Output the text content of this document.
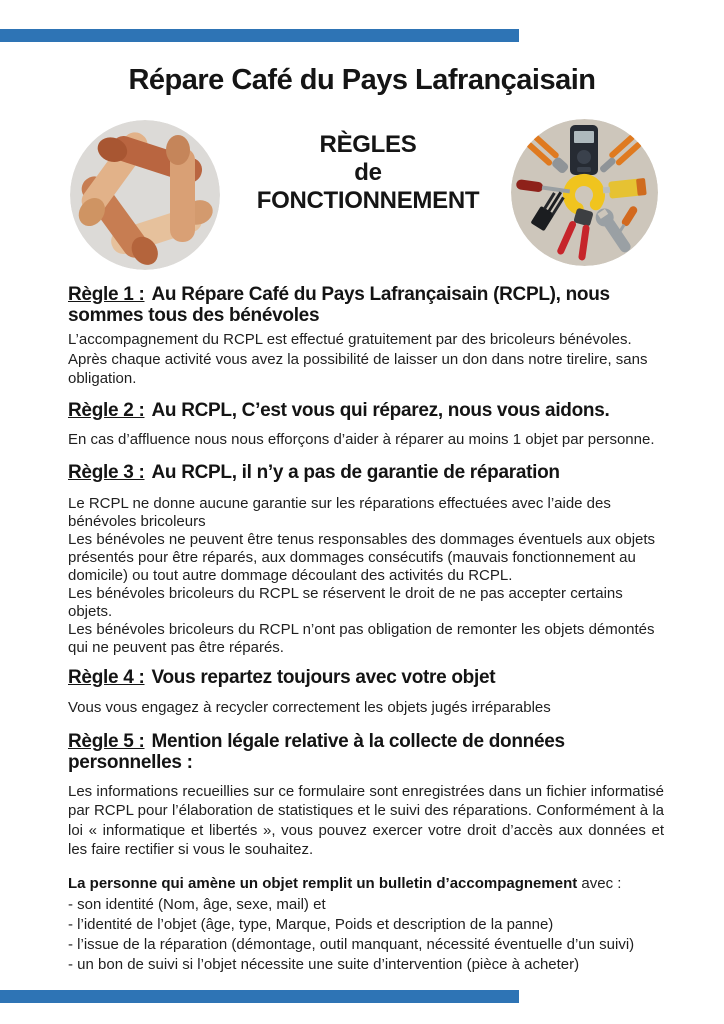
Répare Café du Pays Lafrançaisain
RÈGLES
de
FONCTIONNEMENT
Règle 1 : Au Répare Café du Pays Lafrançaisain (RCPL), nous sommes tous des bénévoles

L’accompagnement du RCPL est effectué gratuitement par des bricoleurs bénévoles.

Après chaque activité vous avez la possibilité de laisser un don dans notre tirelire, sans obligation.

Règle 2 : Au RCPL, C’est vous qui réparez, nous vous aidons.

En cas d’affluence nous nous efforçons d’aider à réparer au moins 1 objet par personne.

Règle 3 : Au RCPL, il n’y a pas de garantie de réparation

Le RCPL ne donne aucune garantie sur les réparations effectuées avec l’aide des bénévoles bricoleurs

Les bénévoles ne peuvent être tenus responsables des dommages éventuels aux objets présentés pour être réparés, aux dommages consécutifs (mauvais fonctionnement au domicile) ou tout autre dommage découlant des activités du RCPL.

Les bénévoles bricoleurs du RCPL se réservent le droit de ne pas accepter certains objets.

Les bénévoles bricoleurs du RCPL n’ont pas obligation de remonter les objets démontés qui ne peuvent pas être réparés.

Règle 4 : Vous repartez toujours avec votre objet

Vous vous engagez à recycler correctement les objets jugés irréparables

Règle 5 : Mention légale relative à la collecte de données personnelles :

Les informations recueillies sur ce formulaire sont enregistrées dans un fichier informatisé par RCPL pour l’élaboration de statistiques et le suivi des réparations. Conformément à la loi « informatique et libertés », vous pouvez exercer votre droit d’accès aux données et les faire rectifier si vous le souhaitez.

La personne qui amène un objet remplit un bulletin d’accompagnement avec :

- son identité (Nom, âge, sexe, mail) et

- l’identité de l’objet (âge, type, Marque, Poids et description de la panne)

- l’issue de la réparation (démontage, outil manquant, nécessité éventuelle d’un suivi)

- un bon de suivi si l’objet nécessite une suite d’intervention (pièce à acheter)
